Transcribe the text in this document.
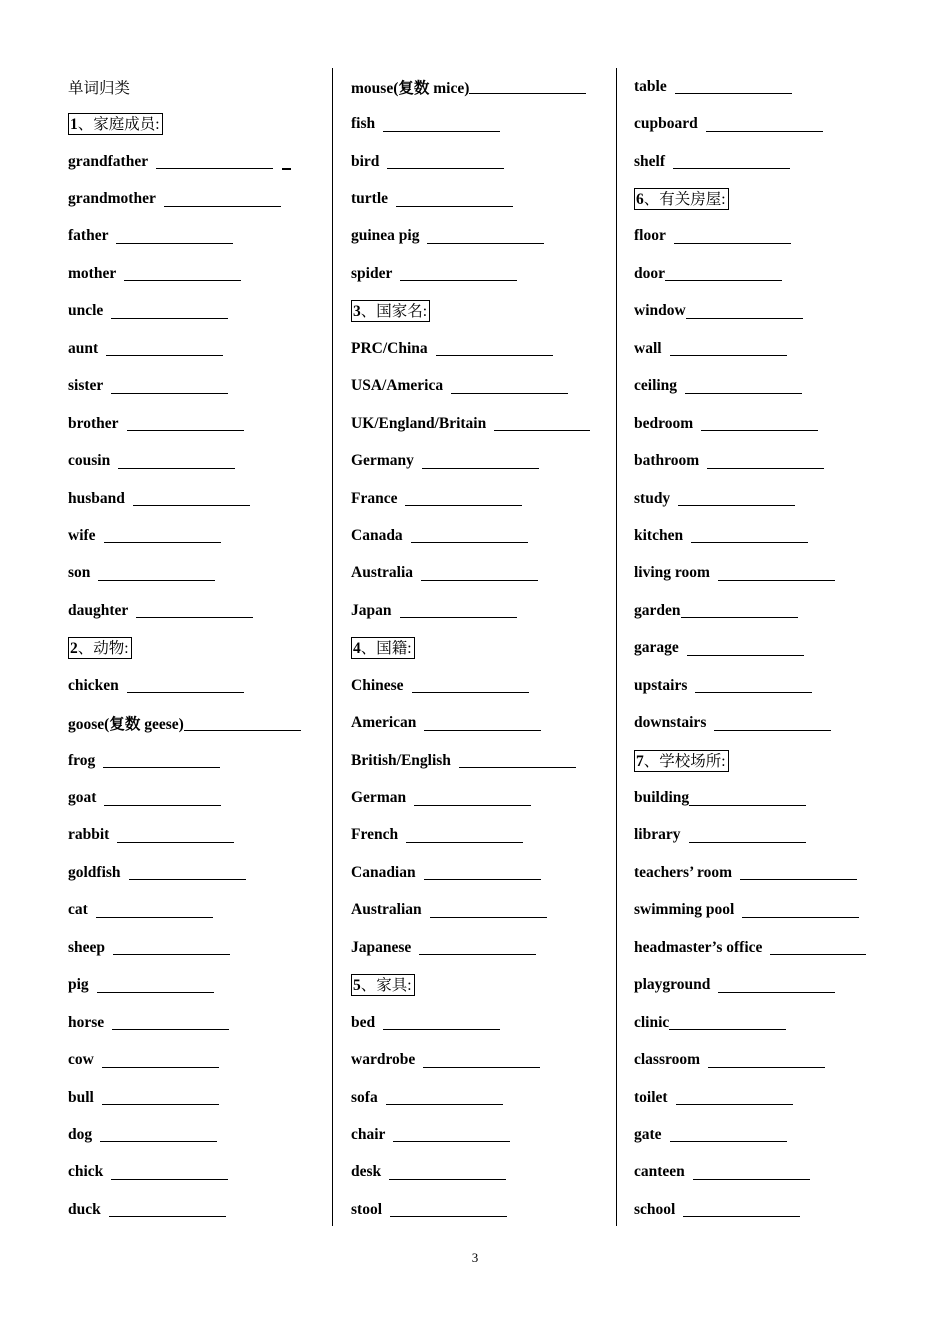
单词归类
1、家庭成员:
grandfather
grandmother
father
mother
uncle
aunt
sister
brother
cousin
husband
wife
son
daughter
2、动物:
chicken
goose(复数 geese)
frog
goat
rabbit
goldfish
cat
sheep
pig
horse
cow
bull
dog
chick
duck
mouse(复数 mice)
fish
bird
turtle
guinea pig
spider
3、国家名:
PRC/China
USA/America
UK/England/Britain
Germany
France
Canada
Australia
Japan
4、国籍:
Chinese
American
British/English
German
French
Canadian
Australian
Japanese
5、家具:
bed
wardrobe
sofa
chair
desk
stool
table
cupboard
shelf
6、有关房屋:
floor
door
window
wall
ceiling
bedroom
bathroom
study
kitchen
living room
garden
garage
upstairs
downstairs
7、学校场所:
building
library
teachers’ room
swimming pool
headmaster’s office
playground
clinic
classroom
toilet
gate
canteen
school
3
